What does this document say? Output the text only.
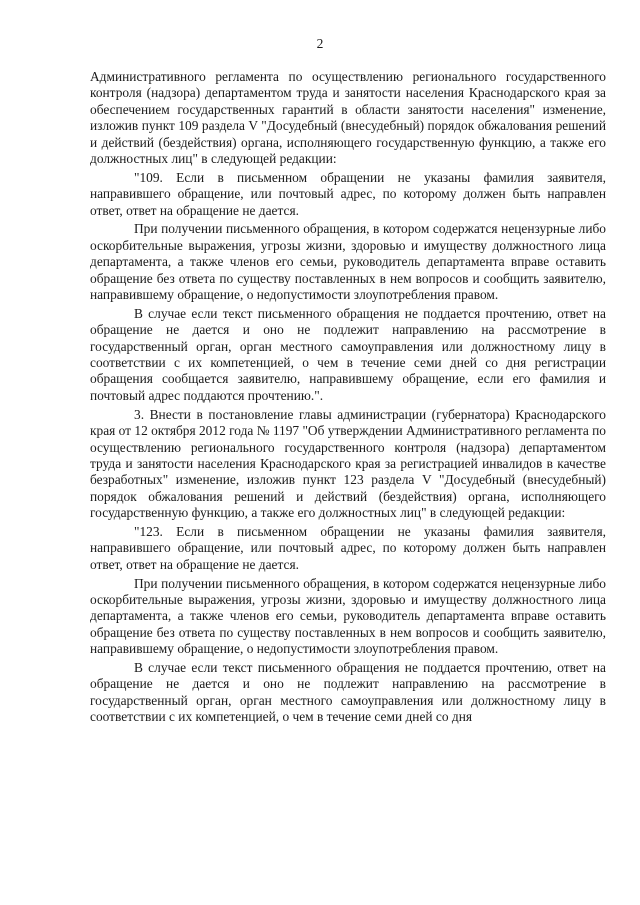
2

Административного регламента по осуществлению регионального государственного контроля (надзора) департаментом труда и занятости населения Краснодарского края за обеспечением государственных гарантий в области занятости населения" изменение, изложив пункт 109 раздела V "Досудебный (внесудебный) порядок обжалования решений и действий (бездействия) органа, исполняющего государственную функцию, а также его должностных лиц" в следующей редакции:

"109. Если в письменном обращении не указаны фамилия заявителя, направившего обращение, или почтовый адрес, по которому должен быть направлен ответ, ответ на обращение не дается.

При получении письменного обращения, в котором содержатся нецензурные либо оскорбительные выражения, угрозы жизни, здоровью и имуществу должностного лица департамента, а также членов его семьи, руководитель департамента вправе оставить обращение без ответа по существу поставленных в нем вопросов и сообщить заявителю, направившему обращение, о недопустимости злоупотребления правом.

В случае если текст письменного обращения не поддается прочтению, ответ на обращение не дается и оно не подлежит направлению на рассмотрение в государственный орган, орган местного самоуправления или должностному лицу в соответствии с их компетенцией, о чем в течение семи дней со дня регистрации обращения сообщается заявителю, направившему обращение, если его фамилия и почтовый адрес поддаются прочтению.".

3. Внести в постановление главы администрации (губернатора) Краснодарского края от 12 октября 2012 года № 1197 "Об утверждении Административного регламента по осуществлению регионального государственного контроля (надзора) департаментом труда и занятости населения Краснодарского края за регистрацией инвалидов в качестве безработных" изменение, изложив пункт 123 раздела V "Досудебный (внесудебный) порядок обжалования решений и действий (бездействия) органа, исполняющего государственную функцию, а также его должностных лиц" в следующей редакции:

"123. Если в письменном обращении не указаны фамилия заявителя, направившего обращение, или почтовый адрес, по которому должен быть направлен ответ, ответ на обращение не дается.

При получении письменного обращения, в котором содержатся нецензурные либо оскорбительные выражения, угрозы жизни, здоровью и имуществу должностного лица департамента, а также членов его семьи, руководитель департамента вправе оставить обращение без ответа по существу поставленных в нем вопросов и сообщить заявителю, направившему обращение, о недопустимости злоупотребления правом.

В случае если текст письменного обращения не поддается прочтению, ответ на обращение не дается и оно не подлежит направлению на рассмотрение в государственный орган, орган местного самоуправления или должностному лицу в соответствии с их компетенцией, о чем в течение семи дней со дня
